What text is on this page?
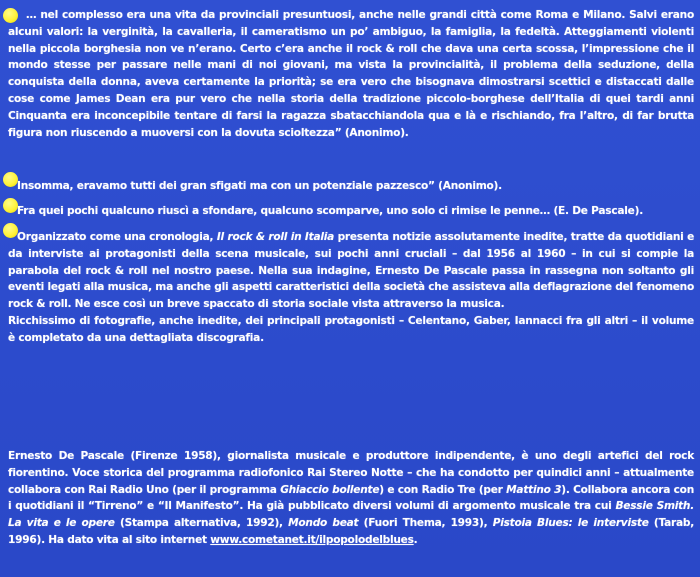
… nel complesso era una vita da provinciali presuntuosi, anche nelle grandi città come Roma e Milano. Salvi erano alcuni valori: la verginità, la cavalleria, il cameratismo un po’ ambiguo, la famiglia, la fedeltà. Atteggiamenti violenti nella piccola borghesia non ve n’erano. Certo c’era anche il rock & roll che dava una certa scossa, l’impressione che il mondo stesse per passare nelle mani di noi giovani, ma vista la provincialità, il problema della seduzione, della conquista della donna, aveva certamente la priorità; se era vero che bisognava dimostrarsi scettici e distaccati dalle cose come James Dean era pur vero che nella storia della tradizione piccolo-borghese dell’Italia di quei tardi anni Cinquanta era inconcepibile tentare di farsi la ragazza sbatacchiandola qua e là e rischiando, fra l’altro, di far brutta figura non riuscendo a muoversi con la dovuta scioltezza” (Anonimo).

Insomma, eravamo tutti dei gran sfigati ma con un potenziale pazzesco” (Anonimo).

Fra quei pochi qualcuno riuscì a sfondare, qualcuno scomparve, uno solo ci rimise le penne… (E. De Pascale).

Organizzato come una cronologia, Il rock & roll in Italia presenta notizie assolutamente inedite, tratte da quotidiani e da interviste ai protagonisti della scena musicale, sui pochi anni cruciali – dal 1956 al 1960 – in cui si compie la parabola del rock & roll nel nostro paese. Nella sua indagine, Ernesto De Pascale passa in rassegna non soltanto gli eventi legati alla musica, ma anche gli aspetti caratteristici della società che assisteva alla deflagrazione del fenomeno rock & roll. Ne esce così un breve spaccato di storia sociale vista attraverso la musica.
Ricchissimo di fotografie, anche inedite, dei principali protagonisti – Celentano, Gaber, Iannacci fra gli altri – il volume è completato da una dettagliata discografia.

Ernesto De Pascale (Firenze 1958), giornalista musicale e produttore indipendente, è uno degli artefici del rock fiorentino. Voce storica del programma radiofonico Rai Stereo Notte – che ha condotto per quindici anni – attualmente collabora con Rai Radio Uno (per il programma Ghiaccio bollente) e con Radio Tre (per Mattino 3). Collabora ancora con i quotidiani il “Tirreno” e “Il Manifesto”. Ha già pubblicato diversi volumi di argomento musicale tra cui Bessie Smith. La vita e le opere (Stampa alternativa, 1992), Mondo beat (Fuori Thema, 1993), Pistoia Blues: le interviste (Tarab, 1996). Ha dato vita al sito internet www.cometanet.it/ilpopolodelblues.
